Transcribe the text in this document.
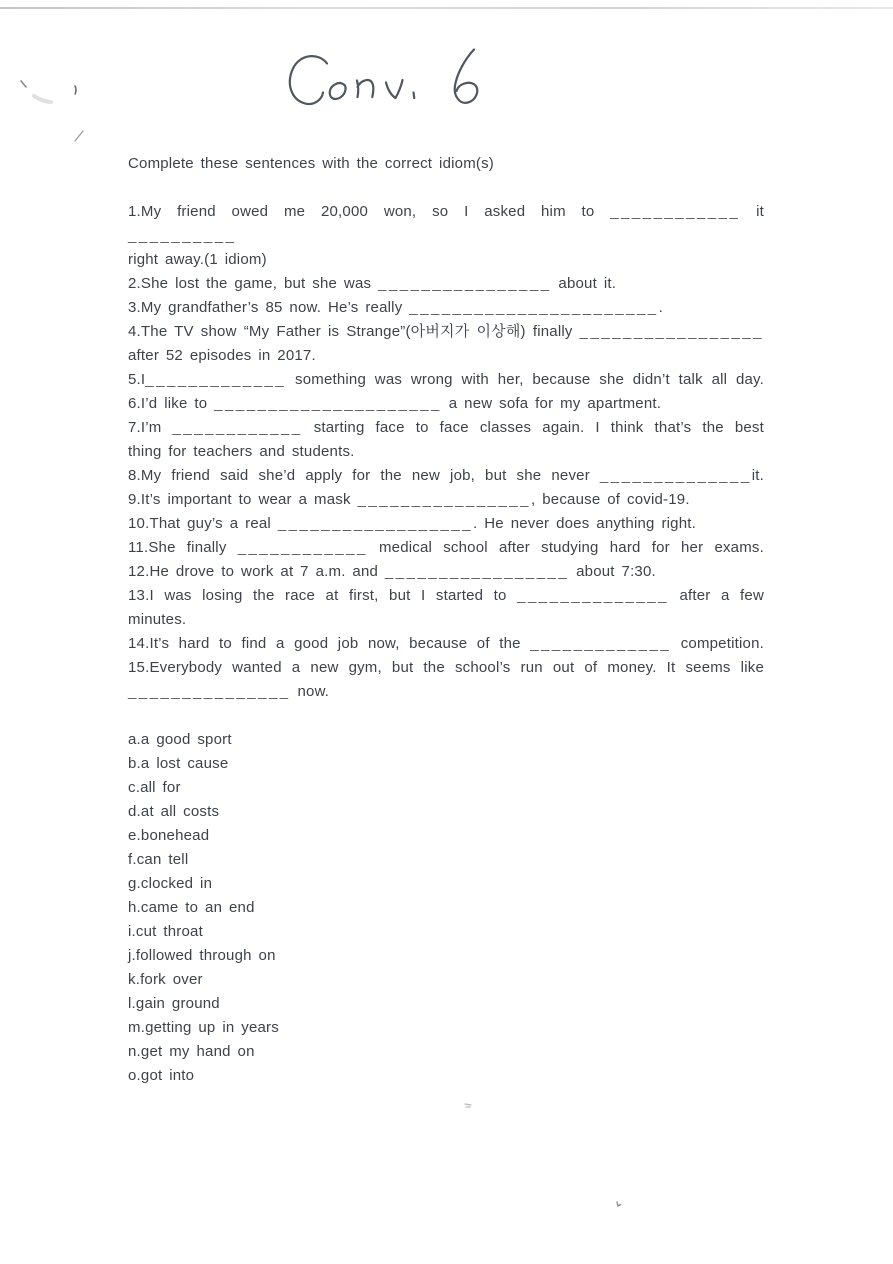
Complete these sentences with the correct idiom(s)

1.My friend owed me 20,000 won, so I asked him to ____________ it __________
right away.(1 idiom)
2.She lost the game, but she was ________________ about it.
3.My grandfather’s 85 now. He’s really _______________________.
4.The TV show “My Father is Strange”(아버지가 이상해) finally _________________
after 52 episodes in 2017.
5.I_____________ something was wrong with her, because she didn’t talk all day.
6.I’d like to _____________________ a new sofa for my apartment.
7.I’m ____________ starting face to face classes again. I think that’s the best
thing for teachers and students.
8.My friend said she’d apply for the new job, but she never ______________it.
9.It’s important to wear a mask ________________, because of covid-19.
10.That guy’s a real __________________. He never does anything right.
11.She finally ____________ medical school after studying hard for her exams.
12.He drove to work at 7 a.m. and _________________ about 7:30.
13.I was losing the race at first, but I started to ______________ after a few
minutes.
14.It’s hard to find a good job now, because of the _____________ competition.
15.Everybody wanted a new gym, but the school’s run out of money. It seems like
_______________ now.
a.a good sport
b.a lost cause
c.all for
d.at all costs
e.bonehead
f.can tell
g.clocked in
h.came to an end
i.cut throat
j.followed through on
k.fork over
l.gain ground
m.getting up in years
n.get my hand on
o.got into
